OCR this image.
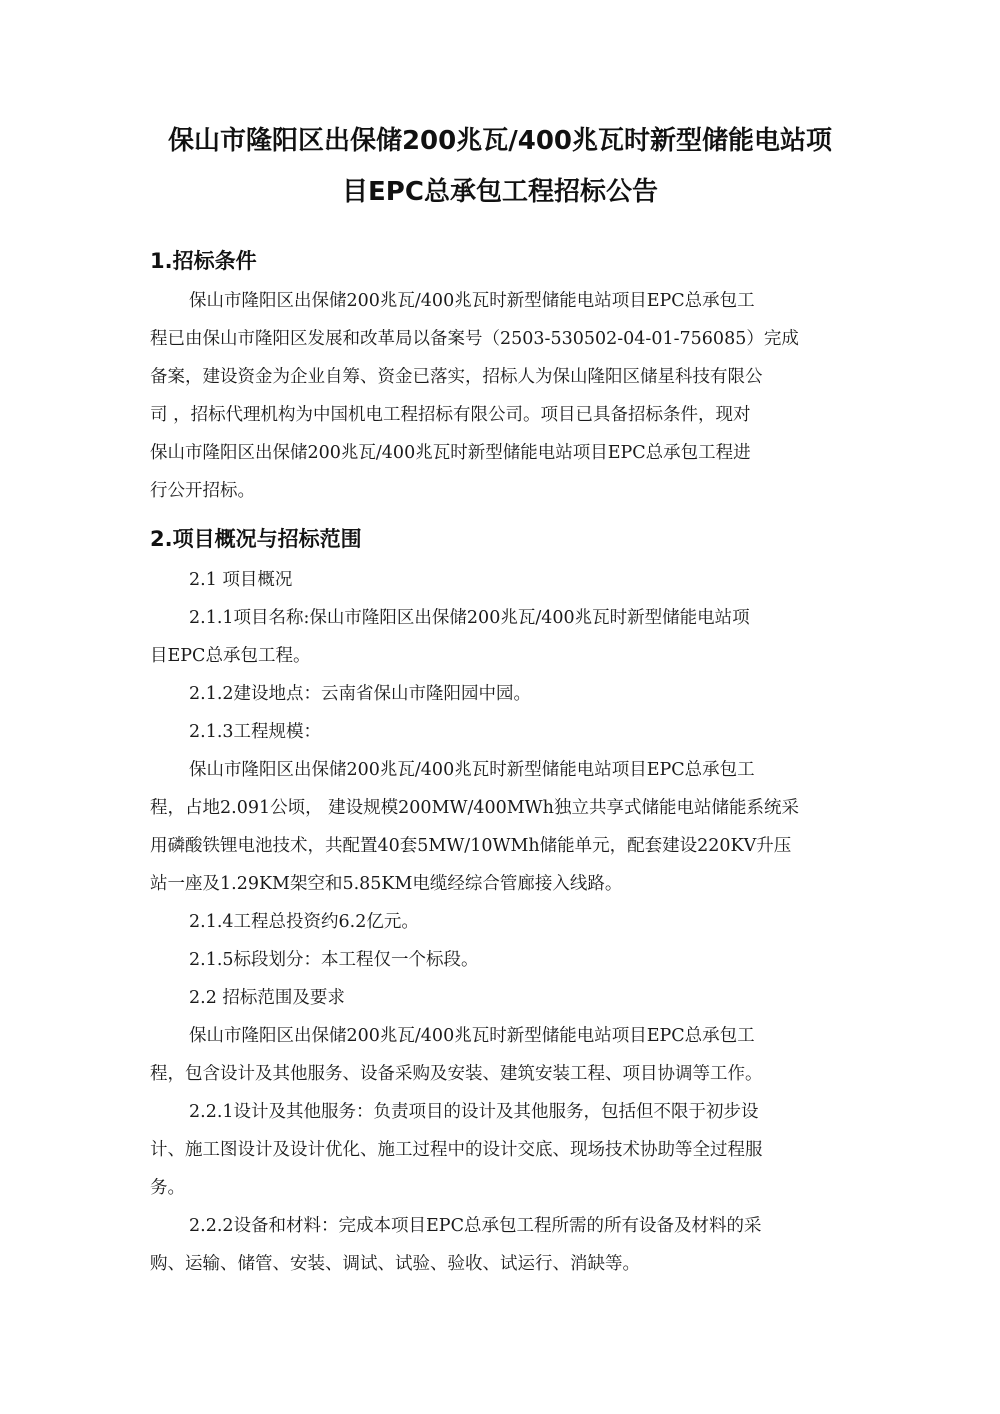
保山市隆阳区出保储200兆瓦/400兆瓦时新型储能电站项
目EPC总承包工程招标公告
1.招标条件
保山市隆阳区出保储200兆瓦/400兆瓦时新型储能电站项目EPC总承包工
程已由保山市隆阳区发展和改革局以备案号（2503-530502-04-01-756085）完成
备案，建设资金为企业自筹、资金已落实，招标人为保山隆阳区储星科技有限公
司 ，招标代理机构为中国机电工程招标有限公司。项目已具备招标条件，现对
保山市隆阳区出保储200兆瓦/400兆瓦时新型储能电站项目EPC总承包工程进
行公开招标。
2.项目概况与招标范围
2.1 项目概况
2.1.1项目名称:保山市隆阳区出保储200兆瓦/400兆瓦时新型储能电站项
目EPC总承包工程。
2.1.2建设地点：云南省保山市隆阳园中园。
2.1.3工程规模：
保山市隆阳区出保储200兆瓦/400兆瓦时新型储能电站项目EPC总承包工
程，占地2.091公顷， 建设规模200MW/400MWh独立共享式储能电站储能系统采
用磷酸铁锂电池技术，共配置40套5MW/10WMh储能单元，配套建设220KV升压
站一座及1.29KM架空和5.85KM电缆经综合管廊接入线路。
2.1.4工程总投资约6.2亿元。
2.1.5标段划分：本工程仅一个标段。
2.2 招标范围及要求
保山市隆阳区出保储200兆瓦/400兆瓦时新型储能电站项目EPC总承包工
程，包含设计及其他服务、设备采购及安装、建筑安装工程、项目协调等工作。
2.2.1设计及其他服务：负责项目的设计及其他服务，包括但不限于初步设
计、施工图设计及设计优化、施工过程中的设计交底、现场技术协助等全过程服
务。
2.2.2设备和材料：完成本项目EPC总承包工程所需的所有设备及材料的采
购、运输、储管、安装、调试、试验、验收、试运行、消缺等。
